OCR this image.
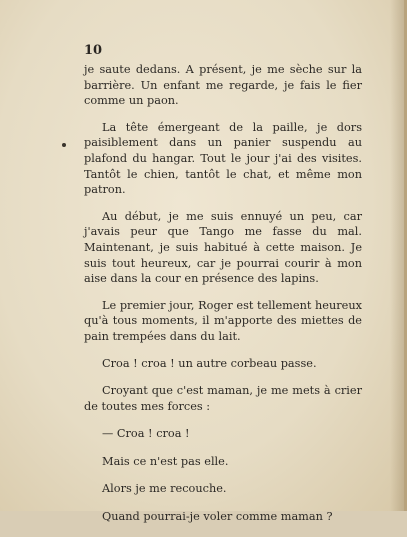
10

je saute dedans. A présent, je me sèche sur la barrière. Un enfant me regarde, je fais le fier comme un paon.

La tête émergeant de la paille, je dors paisiblement dans un panier suspendu au plafond du hangar. Tout le jour j'ai des visites. Tantôt le chien, tantôt le chat, et même mon patron.

Au début, je me suis ennuyé un peu, car j'avais peur que Tango me fasse du mal. Maintenant, je suis habitué à cette maison. Je suis tout heureux, car je pourrai courir à mon aise dans la cour en présence des lapins.

Le premier jour, Roger est tellement heureux qu'à tous moments, il m'apporte des miettes de pain trempées dans du lait.

Croa ! croa ! un autre corbeau passe.

Croyant que c'est maman, je me mets à crier de toutes mes forces :

— Croa ! croa !

Mais ce n'est pas elle.

Alors je me recouche.

Quand pourrai-je voler comme maman ?
